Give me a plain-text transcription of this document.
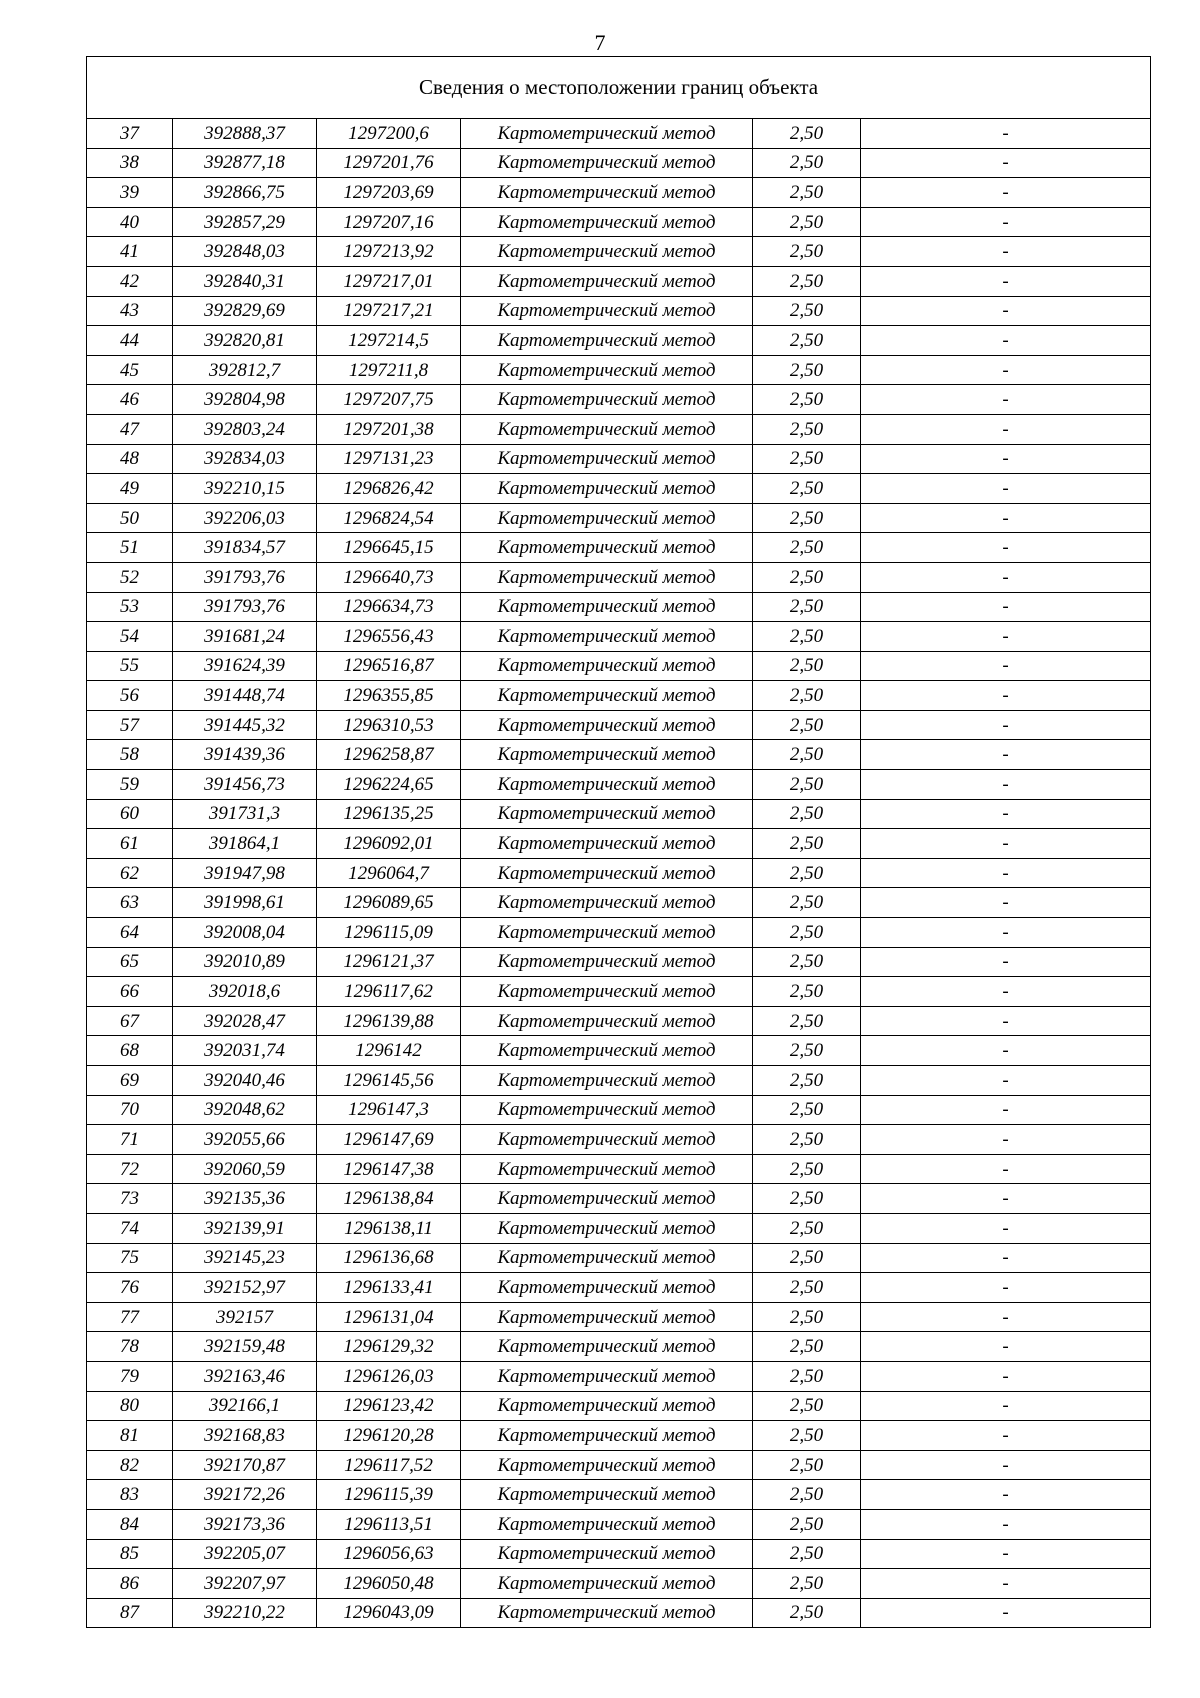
7
Сведения о местоположении границ объекта					
37	392888,37	1297200,6	Картометрический метод	2,50	-
38	392877,18	1297201,76	Картометрический метод	2,50	-
39	392866,75	1297203,69	Картометрический метод	2,50	-
40	392857,29	1297207,16	Картометрический метод	2,50	-
41	392848,03	1297213,92	Картометрический метод	2,50	-
42	392840,31	1297217,01	Картометрический метод	2,50	-
43	392829,69	1297217,21	Картометрический метод	2,50	-
44	392820,81	1297214,5	Картометрический метод	2,50	-
45	392812,7	1297211,8	Картометрический метод	2,50	-
46	392804,98	1297207,75	Картометрический метод	2,50	-
47	392803,24	1297201,38	Картометрический метод	2,50	-
48	392834,03	1297131,23	Картометрический метод	2,50	-
49	392210,15	1296826,42	Картометрический метод	2,50	-
50	392206,03	1296824,54	Картометрический метод	2,50	-
51	391834,57	1296645,15	Картометрический метод	2,50	-
52	391793,76	1296640,73	Картометрический метод	2,50	-
53	391793,76	1296634,73	Картометрический метод	2,50	-
54	391681,24	1296556,43	Картометрический метод	2,50	-
55	391624,39	1296516,87	Картометрический метод	2,50	-
56	391448,74	1296355,85	Картометрический метод	2,50	-
57	391445,32	1296310,53	Картометрический метод	2,50	-
58	391439,36	1296258,87	Картометрический метод	2,50	-
59	391456,73	1296224,65	Картометрический метод	2,50	-
60	391731,3	1296135,25	Картометрический метод	2,50	-
61	391864,1	1296092,01	Картометрический метод	2,50	-
62	391947,98	1296064,7	Картометрический метод	2,50	-
63	391998,61	1296089,65	Картометрический метод	2,50	-
64	392008,04	1296115,09	Картометрический метод	2,50	-
65	392010,89	1296121,37	Картометрический метод	2,50	-
66	392018,6	1296117,62	Картометрический метод	2,50	-
67	392028,47	1296139,88	Картометрический метод	2,50	-
68	392031,74	1296142	Картометрический метод	2,50	-
69	392040,46	1296145,56	Картометрический метод	2,50	-
70	392048,62	1296147,3	Картометрический метод	2,50	-
71	392055,66	1296147,69	Картометрический метод	2,50	-
72	392060,59	1296147,38	Картометрический метод	2,50	-
73	392135,36	1296138,84	Картометрический метод	2,50	-
74	392139,91	1296138,11	Картометрический метод	2,50	-
75	392145,23	1296136,68	Картометрический метод	2,50	-
76	392152,97	1296133,41	Картометрический метод	2,50	-
77	392157	1296131,04	Картометрический метод	2,50	-
78	392159,48	1296129,32	Картометрический метод	2,50	-
79	392163,46	1296126,03	Картометрический метод	2,50	-
80	392166,1	1296123,42	Картометрический метод	2,50	-
81	392168,83	1296120,28	Картометрический метод	2,50	-
82	392170,87	1296117,52	Картометрический метод	2,50	-
83	392172,26	1296115,39	Картометрический метод	2,50	-
84	392173,36	1296113,51	Картометрический метод	2,50	-
85	392205,07	1296056,63	Картометрический метод	2,50	-
86	392207,97	1296050,48	Картометрический метод	2,50	-
87	392210,22	1296043,09	Картометрический метод	2,50	-
